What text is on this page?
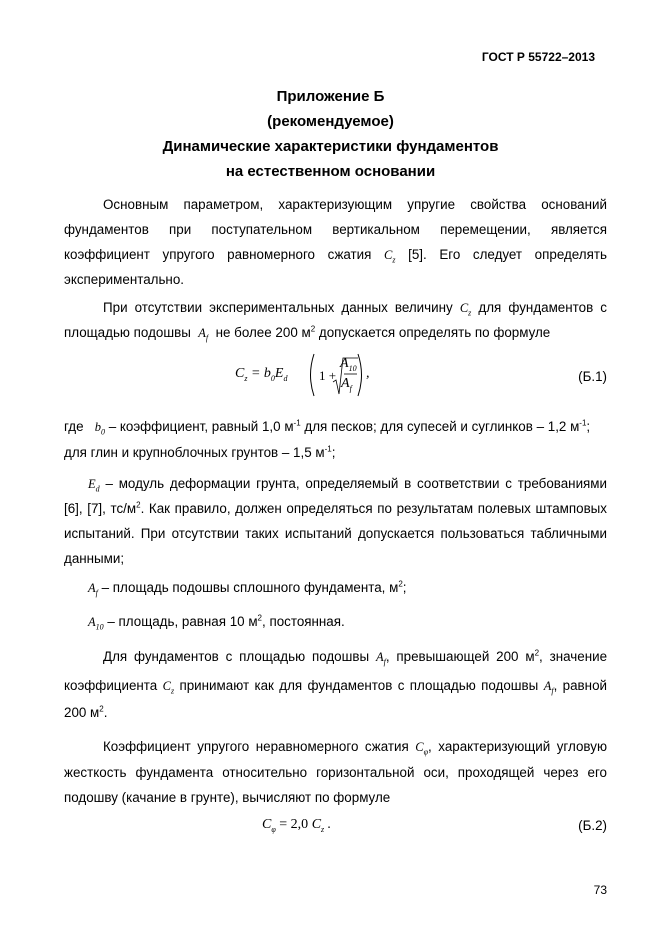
ГОСТ Р 55722–2013
Приложение Б
(рекомендуемое)
Динамические характеристики фундаментов
на естественном основании
Основным параметром, характеризующим упругие свойства оснований
фундаментов при поступательном вертикальном перемещении, является
коэффициент упругого равномерного сжатия $C_z$ [5]. Его следует определять
экспериментально.
При отсутствии экспериментальных данных величину $C_z$ для фундаментов с
площадью подошвы $A_f$ не более 200 $м^2$ допускается определять по формуле
$C_z = b_0E_d$ 1 +
$A_{10}$
$A_f$
,	(Б.1)
где $b_0$ – коэффициент, равный 1,0 $м^{-1}$ для песков; для супесей и суглинков – 1,2 $м^{-1}$;
для глин и крупноблочных грунтов – 1,5 $м^{-1}$;
$E_d$ – модуль деформации грунта, определяемый в соответствии с требованиями
[6], [7], $тс/м^2$. Как правило, должен определяться по результатам полевых штамповых
испытаний. При отсутствии таких испытаний допускается пользоваться табличными
данными;
$A_f$ – площадь подошвы сплошного фундамента, $м^2$;
$A_{10}$ – площадь, равная 10 $м^2$, постоянная.
Для фундаментов с площадью подошвы $A_f$, превышающей 200 $м^2$, значение
коэффициента $C_z$ принимают как для фундаментов с площадью подошвы $A_f$, равной
200 $м^2$.
Коэффициент упругого неравномерного сжатия $C_\varphi$, характеризующий угловую
жесткость фундамента относительно горизонтальной оси, проходящей через его
подошву (качание в грунте), вычисляют по формуле
$C_\varphi = 2,0$ $C_z$ .	(Б.2)
73
